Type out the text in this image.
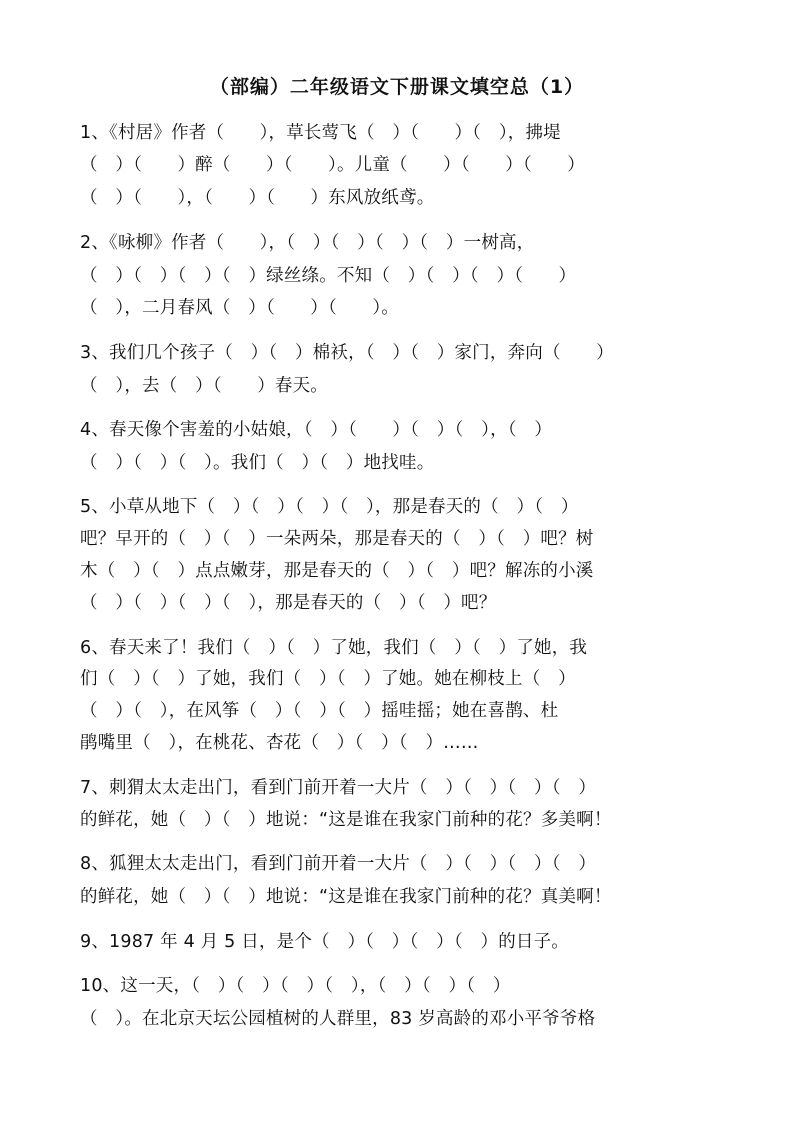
（部编）二年级语文下册课文填空总（1）
1、《村居》作者（　　），草长莺飞（　）（　　）（　），拂堤
（　）（　　）醉（　　）（　　）。儿童（　　）（　　）（　　）
（　）（　　），（　　）（　　）东风放纸鸢。
2、《咏柳》作者（　　），（　）（　）（　）（　）一树高，
（　）（　）（　）（　）绿丝绦。不知（　）（　）（　）（　　）
（　），二月春风（　）（　　）（　　）。
3、我们几个孩子（　）（　）棉袄，（　）（　）家门，奔向（　　）
（　），去（　）（　　）春天。
4、春天像个害羞的小姑娘，（　）（　　）（　）（　），（　）
（　）（　）（　）。我们（　）（　）地找哇。
5、小草从地下（　）（　）（　）（　），那是春天的（　）（　）
吧？早开的（　）（　）一朵两朵，那是春天的（　）（　）吧？树
木（　）（　）点点嫩芽，那是春天的（　）（　）吧？解冻的小溪
（　）（　）（　）（　），那是春天的（　）（　）吧？
6、春天来了！我们（　）（　）了她，我们（　）（　）了她，我
们（　）（　）了她，我们（　）（　）了她。她在柳枝上（　）
（　）（　），在风筝（　）（　）（　）摇哇摇；她在喜鹊、杜
鹃嘴里（　），在桃花、杏花（　）（　）（　）……
7、刺猬太太走出门，看到门前开着一大片（　）（　）（　）（　）
的鲜花，她（　）（　）地说：“这是谁在我家门前种的花？多美啊！
8、狐狸太太走出门，看到门前开着一大片（　）（　）（　）（　）
的鲜花，她（　）（　）地说：“这是谁在我家门前种的花？真美啊！
9、1987 年 4 月 5 日，是个（　）（　）（　）（　）的日子。
10、这一天，（　）（　）（　）（　），（　）（　）（　）
（　）。在北京天坛公园植树的人群里，83 岁高龄的邓小平爷爷格
